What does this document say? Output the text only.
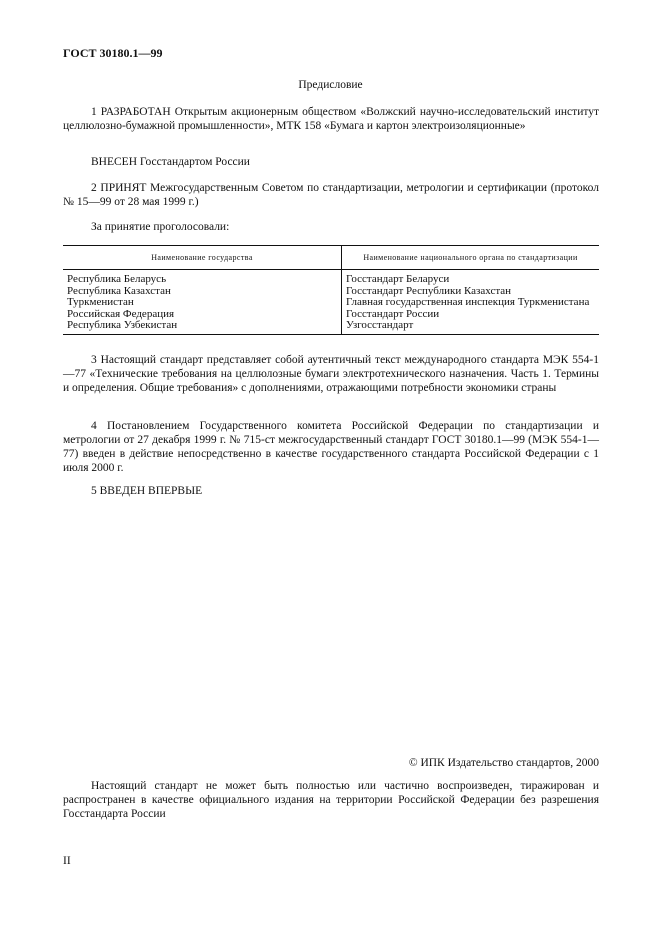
ГОСТ 30180.1—99
Предисловие
1 РАЗРАБОТАН Открытым акционерным обществом «Волжский научно-исследовательский институт целлюлозно-бумажной промышленности», МТК 158 «Бумага и картон электроизоляционные»
ВНЕСЕН Госстандартом России
2 ПРИНЯТ Межгосударственным Советом по стандартизации, метрологии и сертификации (протокол № 15—99 от 28 мая 1999 г.)
За принятие проголосовали:
Наименование государства	Наименование национального органа по стандартизации
Республика Беларусь	Госстандарт Беларуси
Республика Казахстан	Госстандарт Республики Казахстан
Туркменистан	Главная государственная инспекция Туркменистана
Российская Федерация	Госстандарт России
Республика Узбекистан	Узгосстандарт
3 Настоящий стандарт представляет собой аутентичный текст международного стандарта МЭК 554-1—77 «Технические требования на целлюлозные бумаги электротехнического назначения. Часть 1. Термины и определения. Общие требования» с дополнениями, отражающими потребности экономики страны
4 Постановлением Государственного комитета Российской Федерации по стандартизации и метрологии от 27 декабря 1999 г. № 715-ст межгосударственный стандарт ГОСТ 30180.1—99 (МЭК 554-1—77) введен в действие непосредственно в качестве государственного стандарта Российской Федерации с 1 июля 2000 г.
5 ВВЕДЕН ВПЕРВЫЕ
© ИПК Издательство стандартов, 2000
Настоящий стандарт не может быть полностью или частично воспроизведен, тиражирован и распространен в качестве официального издания на территории Российской Федерации без разрешения Госстандарта России
II
